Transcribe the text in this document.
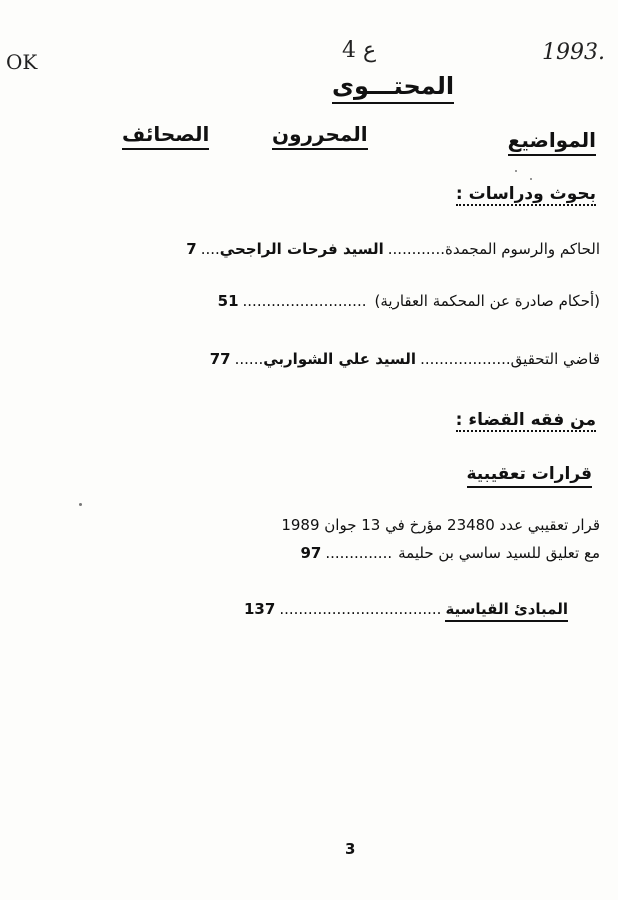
OK	4 ع	1993.
المحتـــوى
المواضيع
المحررون
الصحائف
بحوث ودراسات :
الحاكم والرسوم المجمدة
............
السيد فرحات الراجحي
....
7
(أحكام صادرة عن المحكمة العقارية)
..........................
51
قاضي التحقيق
...................
السيد علي الشواربي
......
77
من فقه القضاء :
قرارات تعقيبية
قرار تعقيبي عدد 23480 مؤرخ في 13 جوان 1989
مع تعليق للسيد ساسي بن حليمة
..............
97
المبادئ القياسية
..................................
137
3
